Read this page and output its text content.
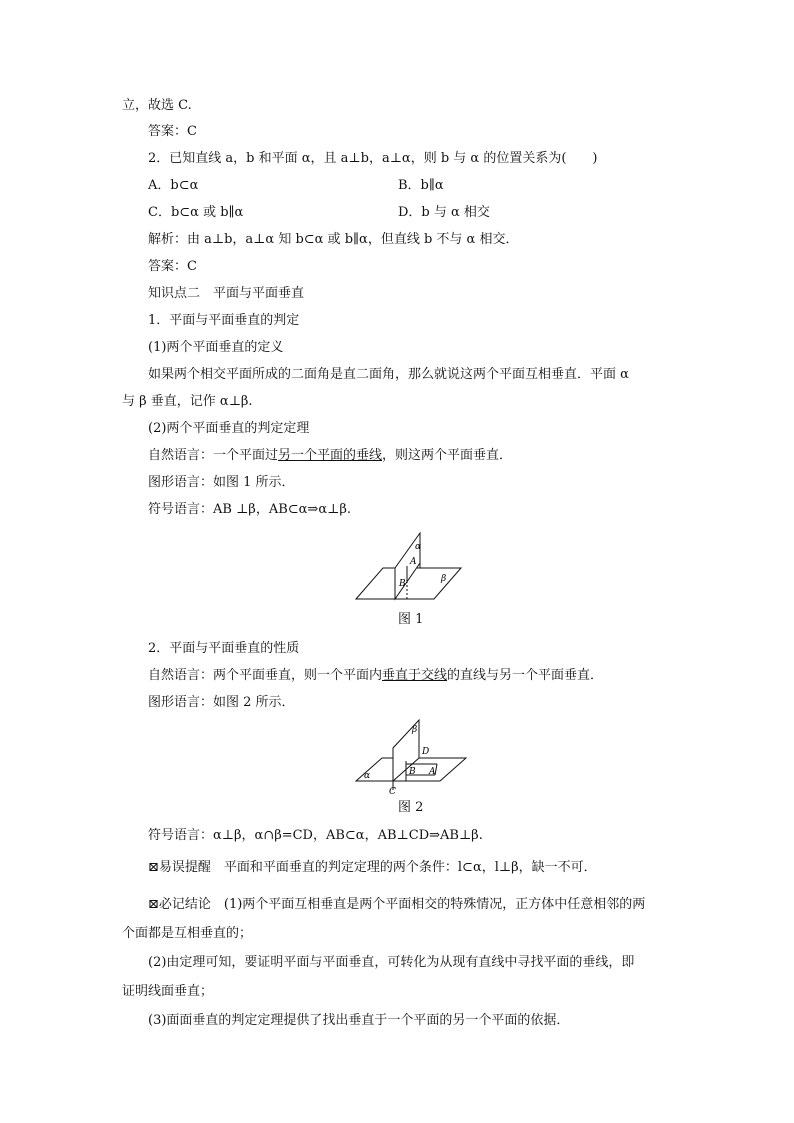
立，故选 C.
答案：C
2．已知直线 a，b 和平面 α，且 a⊥b，a⊥α，则 b 与 α 的位置关系为(　　)
A．b⊂α	B．b∥α
C．b⊂α 或 b∥α	D．b 与 α 相交
解析：由 a⊥b，a⊥α 知 b⊂α 或 b∥α，但直线 b 不与 α 相交．
答案：C
知识点二　平面与平面垂直
1．平面与平面垂直的判定
(1)两个平面垂直的定义
如果两个相交平面所成的二面角是直二面角，那么就说这两个平面互相垂直．平面 α
与 β 垂直，记作 α⊥β.
(2)两个平面垂直的判定定理
自然语言：一个平面过另一个平面的垂线，则这两个平面垂直．
图形语言：如图 1 所示．
符号语言：AB ⊥β，AB⊂α⇒α⊥β.
α
A
B	β
图 1
2．平面与平面垂直的性质
自然语言：两个平面垂直，则一个平面内垂直于交线的直线与另一个平面垂直．
图形语言：如图 2 所示．
β
D
B A
α
C
图 2
符号语言：α⊥β，α∩β=CD，AB⊂α，AB⊥CD⇒AB⊥β.
⊠易误提醒　平面和平面垂直的判定定理的两个条件：l⊂α，l⊥β，缺一不可．
⊠必记结论　(1)两个平面互相垂直是两个平面相交的特殊情况，正方体中任意相邻的两
个面都是互相垂直的；
(2)由定理可知，要证明平面与平面垂直，可转化为从现有直线中寻找平面的垂线，即
证明线面垂直；
(3)面面垂直的判定定理提供了找出垂直于一个平面的另一个平面的依据．
